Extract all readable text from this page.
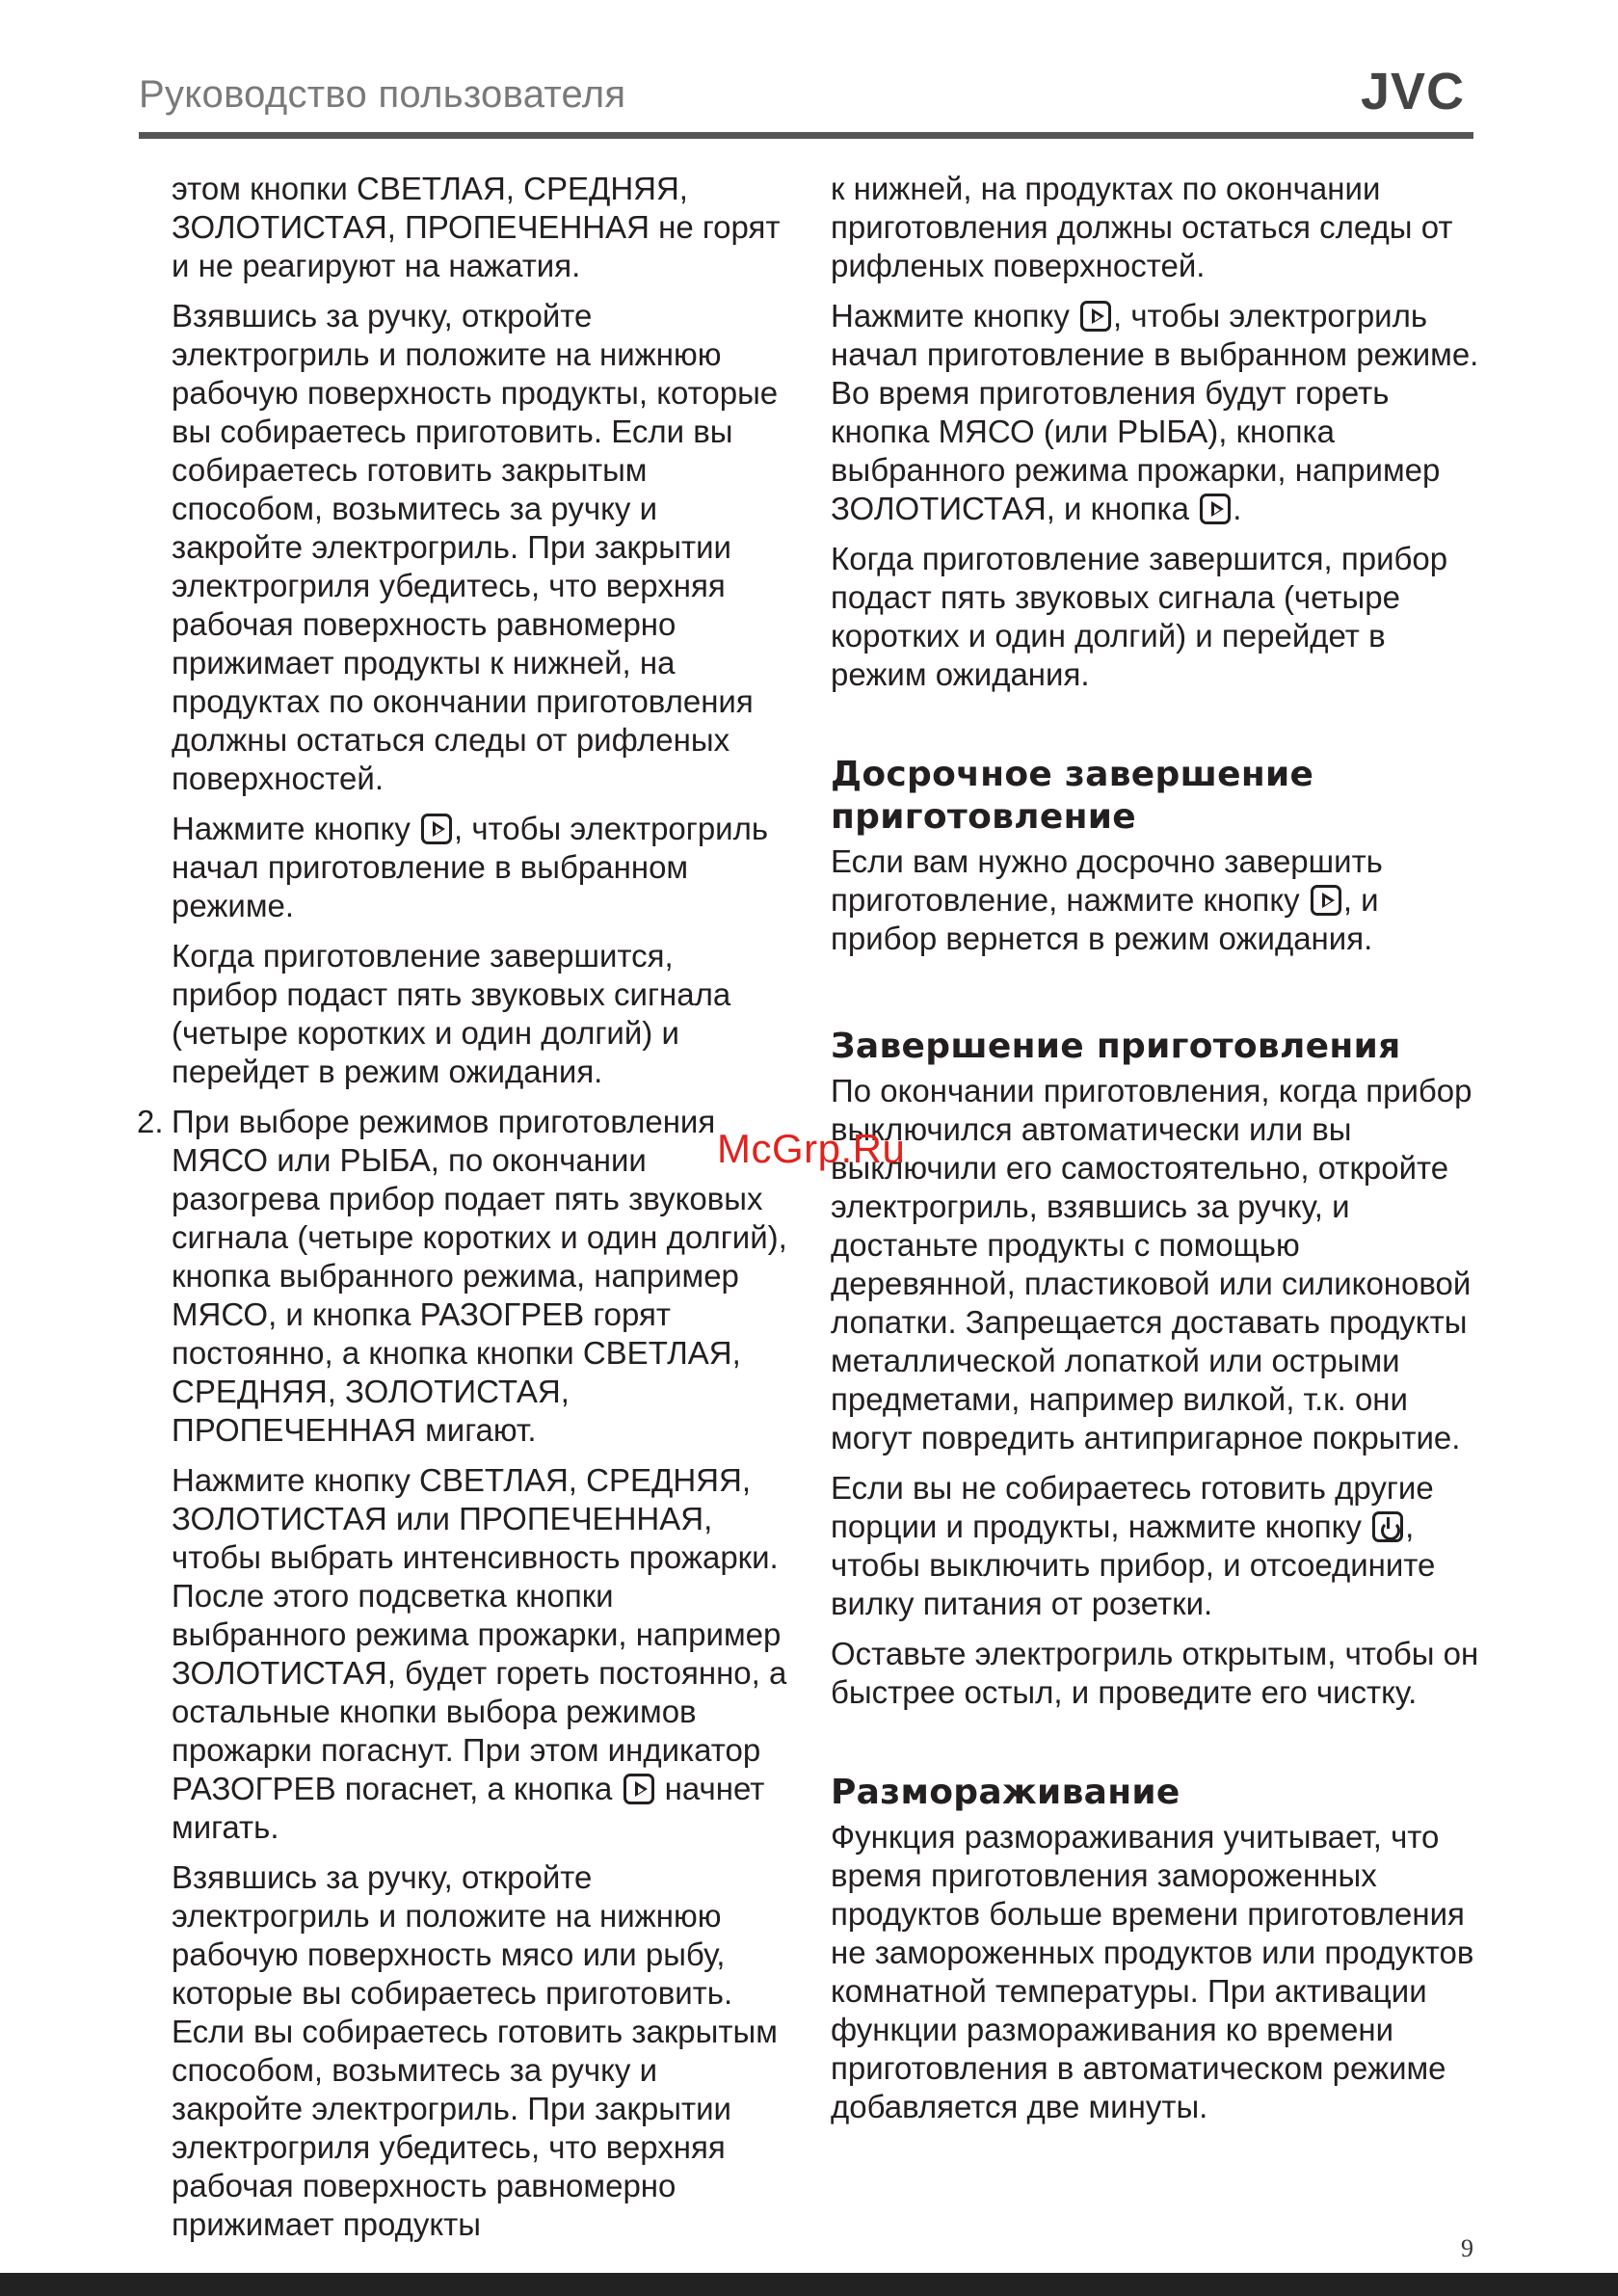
Руководство пользователя	JVC

этом кнопки СВЕТЛАЯ, СРЕДНЯЯ, ЗОЛОТИСТАЯ, ПРОПЕЧЕННАЯ не горят и не реагируют на нажатия.

Взявшись за ручку, откройте электрогриль и положите на нижнюю рабочую поверхность продукты, которые вы собираетесь приготовить. Если вы собираетесь готовить закрытым способом, возьмитесь за ручку и закройте электрогриль. При закрытии электрогриля убедитесь, что верхняя рабочая поверхность равномерно прижимает продукты к нижней, на продуктах по окончании приготовления должны остаться следы от рифленых поверхностей.

Нажмите кнопку , чтобы электрогриль начал приготовление в выбранном режиме.

Когда приготовление завершится, прибор подаст пять звуковых сигнала (четыре коротких и один долгий) и перейдет в режим ожидания.

2. При выборе режимов приготовления МЯСО или РЫБА, по окончании разогрева прибор подает пять звуковых сигнала (четыре коротких и один долгий), кнопка выбранного режима, например МЯСО, и кнопка РАЗОГРЕВ горят постоянно, а кнопка кнопки СВЕТЛАЯ, СРЕДНЯЯ, ЗОЛОТИСТАЯ, ПРОПЕЧЕННАЯ мигают.

Нажмите кнопку СВЕТЛАЯ, СРЕДНЯЯ, ЗОЛОТИСТАЯ или ПРОПЕЧЕННАЯ, чтобы выбрать интенсивность прожарки. После этого подсветка кнопки выбранного режима прожарки, например ЗОЛОТИСТАЯ, будет гореть постоянно, а остальные кнопки выбора режимов прожарки погаснут. При этом индикатор РАЗОГРЕВ погаснет, а кнопка начнет мигать.

Взявшись за ручку, откройте электрогриль и положите на нижнюю рабочую поверхность мясо или рыбу, которые вы собираетесь приготовить. Если вы собираетесь готовить закрытым способом, возьмитесь за ручку и закройте электрогриль. При закрытии электрогриля убедитесь, что верхняя рабочая поверхность равномерно прижимает продукты

к нижней, на продуктах по окончании приготовления должны остаться следы от рифленых поверхностей.

Нажмите кнопку , чтобы электрогриль начал приготовление в выбранном режиме. Во время приготовления будут гореть кнопка МЯСО (или РЫБА), кнопка выбранного режима прожарки, например ЗОЛОТИСТАЯ, и кнопка .

Когда приготовление завершится, прибор подаст пять звуковых сигнала (четыре коротких и один долгий) и перейдет в режим ожидания.

Досрочное завершение приготовление

Если вам нужно досрочно завершить приготовление, нажмите кнопку , и прибор вернется в режим ожидания.

Завершение приготовления

По окончании приготовления, когда прибор выключился автоматически или вы выключили его самостоятельно, откройте электрогриль, взявшись за ручку, и достаньте продукты с помощью деревянной, пластиковой или силиконовой лопатки. Запрещается доставать продукты металлической лопаткой или острыми предметами, например вилкой, т.к. они могут повредить антипригарное покрытие.

Если вы не собираетесь готовить другие порции и продукты, нажмите кнопку , чтобы выключить прибор, и отсоедините вилку питания от розетки.

Оставьте электрогриль открытым, чтобы он быстрее остыл, и проведите его чистку.

Размораживание

Функция размораживания учитывает, что время приготовления замороженных продуктов больше времени приготовления не замороженных продуктов или продуктов комнатной температуры. При активации функции размораживания ко времени приготовления в автоматическом режиме добавляется две минуты.

McGrp.Ru
9
